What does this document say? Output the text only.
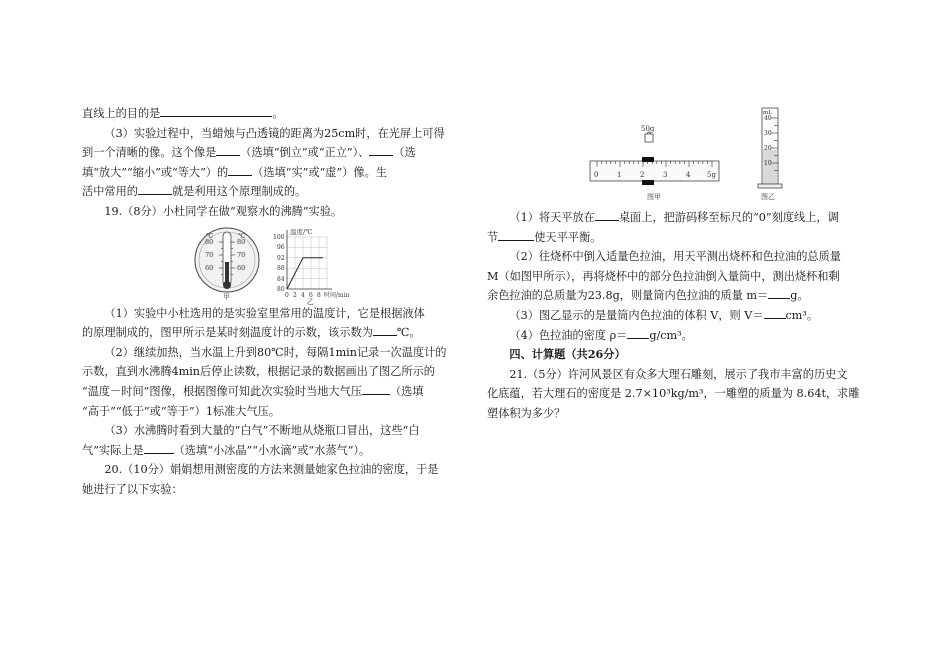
直线上的目的是	。

（3）实验过程中，当蜡烛与凸透镜的距离为25cm时，在光屏上可得

到一个清晰的像。这个像是 （选填“倒立”或“正立”）、 （选

填“放大”“缩小”或“等大”）的 （选填“实”或“虚”）像。生

活中常用的	就是利用这个原理制成的。

19.（8分）小杜同学在做“观察水的沸腾”实验。

℃	℃
80	80
70	70
60	60
甲
温度/℃
100
96
92
88
84
80
0 2 4 6 8 时间/min
乙

（1）实验中小杜选用的是实验室里常用的温度计，它是根据液体

的原理制成的，图甲所示是某时刻温度计的示数，该示数为 ℃。

（2）继续加热，当水温上升到80℃时，每隔1min记录一次温度计的

示数，直到水沸腾4min后停止读数，根据记录的数据画出了图乙所示的

“温度－时间”图像，根据图像可知此次实验时当地大气压	（选填

“高于”“低于”或“等于”）1标准大气压。

（3）水沸腾时看到大量的“白气”不断地从烧瓶口冒出，这些“白

气”实际上是	（选填“小冰晶”“小水滴”或“水蒸气”）。

20.（10分）娟娟想用测密度的方法来测量她家色拉油的密度，于是

她进行了以下实验：

50g
0	1	2	3	4 5g
图甲
mL
40
30
20
10
图乙

（1）将天平放在 桌面上，把游码移至标尺的“0”刻度线上，调

节	使天平平衡。

（2）往烧杯中倒入适量色拉油，用天平测出烧杯和色拉油的总质量

M（如图甲所示），再将烧杯中的部分色拉油倒入量筒中，测出烧杯和剩

余色拉油的总质量为23.8g，则量筒内色拉油的质量 m＝ g。

（3）图乙显示的是量筒内色拉油的体积 V，则 V＝ cm³。

（4）色拉油的密度 ρ＝ g/cm³。

四、计算题（共26分）

21.（5分）许河风景区有众多大理石雕刻，展示了我市丰富的历史文

化底蕴，若大理石的密度是 2.7×10³kg/m³，一雕塑的质量为 8.64t，求雕

塑体积为多少？
